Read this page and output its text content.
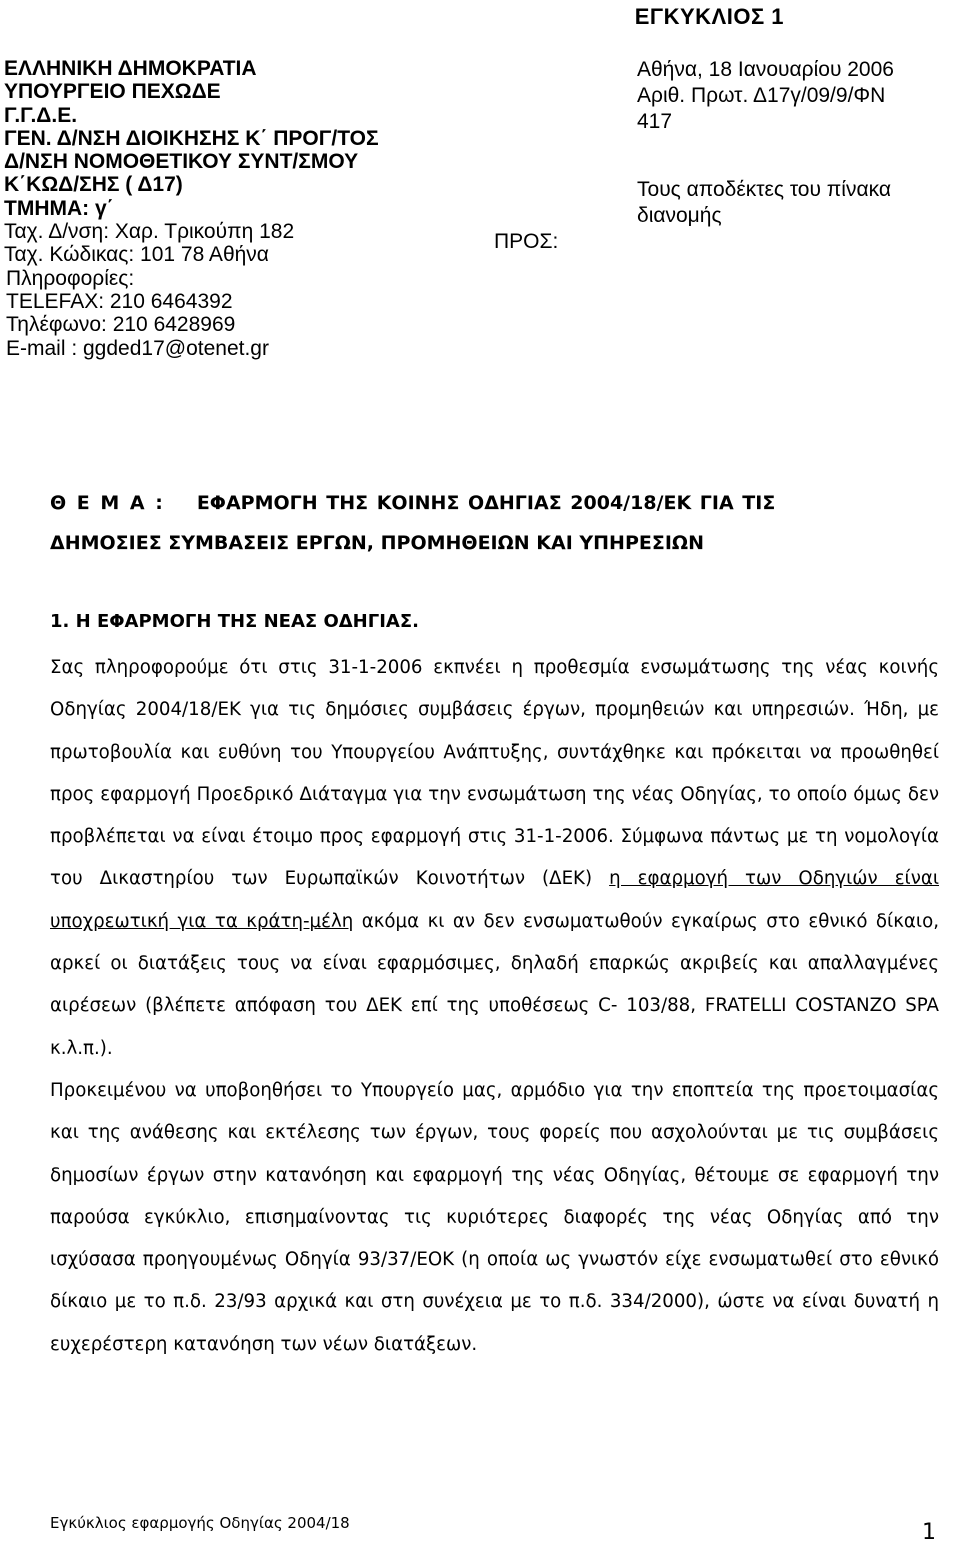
ΕΓΚΥΚΛΙΟΣ 1
ΕΛΛΗΝΙΚΗ ΔΗΜΟΚΡΑΤΙΑ
ΥΠΟΥΡΓΕΙΟ ΠΕΧΩΔΕ
Γ.Γ.Δ.Ε.
ΓΕΝ. Δ/ΝΣΗ ΔΙΟΙΚΗΣΗΣ Κ΄ ΠΡΟΓ/ΤΟΣ
Δ/ΝΣΗ ΝΟΜΟΘΕΤΙΚΟΥ ΣΥΝΤ/ΣΜΟΥ
Κ΄ΚΩΔ/ΣΗΣ ( Δ17)
ΤΜΗΜΑ: γ΄
Ταχ. Δ/νση: Χαρ. Τρικούπη 182
Ταχ. Κώδικας: 101 78 Αθήνα
Πληροφορίες:
TELEFAX: 210 6464392
Τηλέφωνο: 210 6428969
E-mail : ggded17@otenet.gr
ΠΡΟΣ:
Αθήνα, 18 Ιανουαρίου 2006
Αριθ. Πρωτ. Δ17γ/09/9/ΦΝ
417
Τους αποδέκτες του πίνακα
διανομής
Θ Ε Μ Α : ΕΦΑΡΜΟΓΗ ΤΗΣ ΚΟΙΝΗΣ ΟΔΗΓΙΑΣ 2004/18/ΕΚ ΓΙΑ ΤΙΣ
ΔΗΜΟΣΙΕΣ ΣΥΜΒΑΣΕΙΣ ΕΡΓΩΝ, ΠΡΟΜΗΘΕΙΩΝ ΚΑΙ ΥΠΗΡΕΣΙΩΝ
1. Η ΕΦΑΡΜΟΓΗ ΤΗΣ ΝΕΑΣ ΟΔΗΓΙΑΣ.

Σας πληροφορούμε ότι στις 31-1-2006 εκπνέει η προθεσμία ενσωμάτωσης της νέας κοινής Οδηγίας 2004/18/ΕΚ για τις δημόσιες συμβάσεις έργων, προμηθειών και υπηρεσιών. Ήδη, με πρωτοβουλία και ευθύνη του Υπουργείου Ανάπτυξης, συντάχθηκε και πρόκειται να προωθηθεί προς εφαρμογή Προεδρικό Διάταγμα για την ενσωμάτωση της νέας Οδηγίας, το οποίο όμως δεν προβλέπεται να είναι έτοιμο προς εφαρμογή στις 31-1-2006. Σύμφωνα πάντως με τη νομολογία του Δικαστηρίου των Ευρωπαϊκών Κοινοτήτων (ΔΕΚ) η εφαρμογή των Οδηγιών είναι υποχρεωτική για τα κράτη-μέλη ακόμα κι αν δεν ενσωματωθούν εγκαίρως στο εθνικό δίκαιο, αρκεί οι διατάξεις τους να είναι εφαρμόσιμες, δηλαδή επαρκώς ακριβείς και απαλλαγμένες αιρέσεων (βλέπετε απόφαση του ΔΕΚ επί της υποθέσεως C- 103/88, FRATELLI COSTANZO SPA κ.λ.π.).

Προκειμένου να υποβοηθήσει το Υπουργείο μας, αρμόδιο για την εποπτεία της προετοιμασίας και της ανάθεσης και εκτέλεσης των έργων, τους φορείς που ασχολούνται με τις συμβάσεις δημοσίων έργων στην κατανόηση και εφαρμογή της νέας Οδηγίας, θέτουμε σε εφαρμογή την παρούσα εγκύκλιο, επισημαίνοντας τις κυριότερες διαφορές της νέας Οδηγίας από την ισχύσασα προηγουμένως Οδηγία 93/37/ΕΟΚ (η οποία ως γνωστόν είχε ενσωματωθεί στο εθνικό δίκαιο με το π.δ. 23/93 αρχικά και στη συνέχεια με το π.δ. 334/2000), ώστε να είναι δυνατή η ευχερέστερη κατανόηση των νέων διατάξεων.

Εγκύκλιος εφαρμογής Οδηγίας 2004/18	1
